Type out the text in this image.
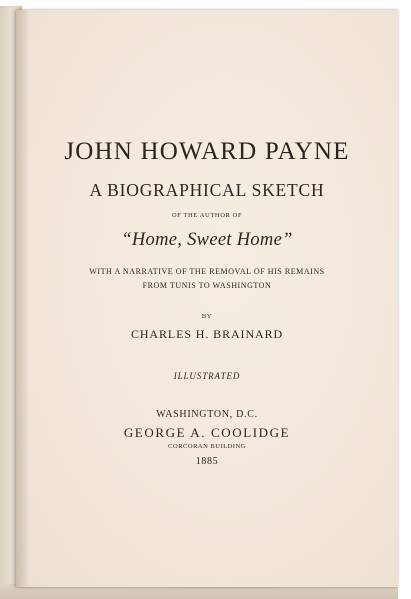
JOHN HOWARD PAYNE
A BIOGRAPHICAL SKETCH
OF THE AUTHOR OF
“Home, Sweet Home”
WITH A NARRATIVE OF THE REMOVAL OF HIS REMAINS
FROM TUNIS TO WASHINGTON
BY
CHARLES H. BRAINARD
ILLUSTRATED
WASHINGTON, D.C.
GEORGE A. COOLIDGE
CORCORAN BUILDING
1885
